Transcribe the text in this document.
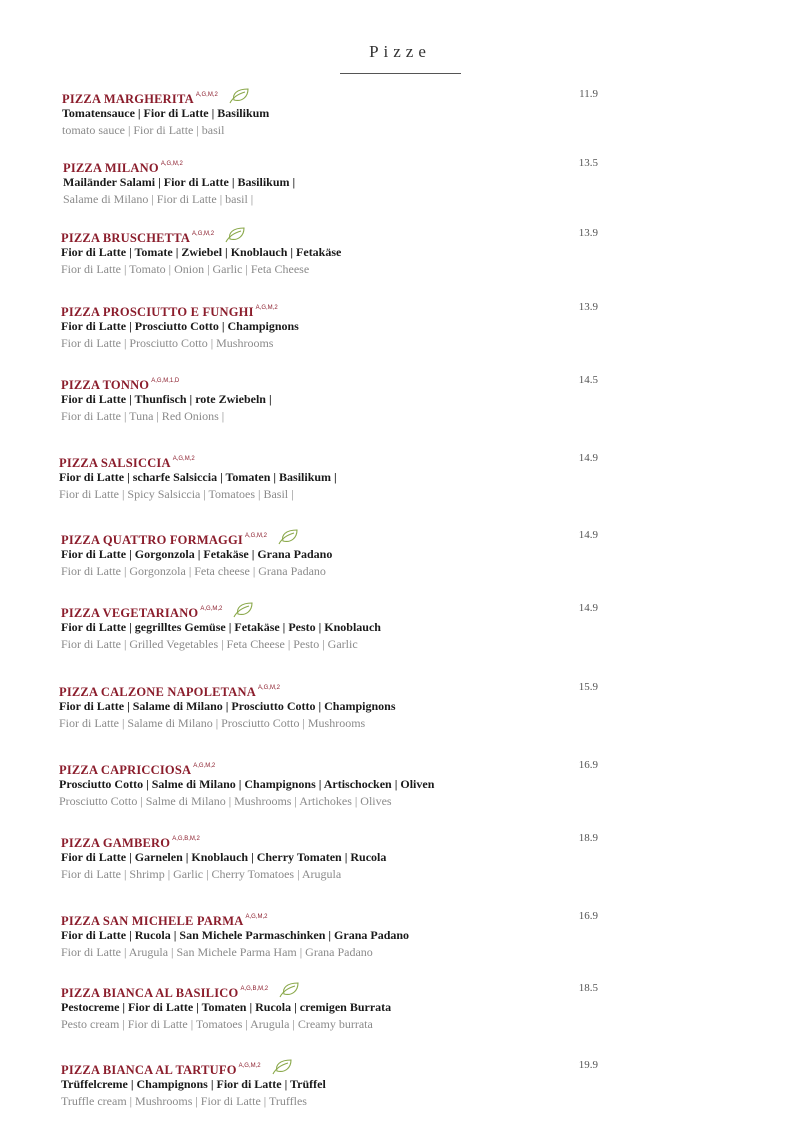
Pizze
PIZZA MARGHERITA $^{A,G,M,2}$
Tomatensauce | Fior di Latte | Basilikum
tomato sauce | Fior di Latte | basil
11.9
PIZZA MILANO $^{A,G,M,2}$
Mailänder Salami | Fior di Latte | Basilikum |
Salame di Milano | Fior di Latte | basil |
13.5
PIZZA BRUSCHETTA $^{A,G,M,2}$
Fior di Latte | Tomate | Zwiebel | Knoblauch | Fetakäse
Fior di Latte | Tomato | Onion | Garlic | Feta Cheese
13.9
PIZZA PROSCIUTTO E FUNGHI $^{A,G,M,2}$
Fior di Latte | Prosciutto Cotto | Champignons
Fior di Latte | Prosciutto Cotto | Mushrooms
13.9
PIZZA TONNO $^{A,G,M,1,D}$
Fior di Latte | Thunfisch | rote Zwiebeln |
Fior di Latte | Tuna | Red Onions |
14.5
PIZZA SALSICCIA $^{A,G,M,2}$
Fior di Latte | scharfe Salsiccia | Tomaten | Basilikum |
Fior di Latte | Spicy Salsiccia | Tomatoes | Basil |
14.9
PIZZA QUATTRO FORMAGGI $^{A,G,M,2}$
Fior di Latte | Gorgonzola | Fetakäse | Grana Padano
Fior di Latte | Gorgonzola | Feta cheese | Grana Padano
14.9
PIZZA VEGETARIANO $^{A,G,M,2}$
Fior di Latte | gegrilltes Gemüse | Fetakäse | Pesto | Knoblauch
Fior di Latte | Grilled Vegetables | Feta Cheese | Pesto | Garlic
14.9
PIZZA CALZONE NAPOLETANA $^{A,G,M,2}$
Fior di Latte | Salame di Milano | Prosciutto Cotto | Champignons
Fior di Latte | Salame di Milano | Prosciutto Cotto | Mushrooms
15.9
PIZZA CAPRICCIOSA $^{A,G,M,2}$
Prosciutto Cotto | Salme di Milano | Champignons | Artischocken | Oliven
Prosciutto Cotto | Salme di Milano | Mushrooms | Artichokes | Olives
16.9
PIZZA GAMBERO $^{A,G,B,M,2}$
Fior di Latte | Garnelen | Knoblauch | Cherry Tomaten | Rucola
Fior di Latte | Shrimp | Garlic | Cherry Tomatoes | Arugula
18.9
PIZZA SAN MICHELE PARMA $^{A,G,M,2}$
Fior di Latte | Rucola | San Michele Parmaschinken | Grana Padano
Fior di Latte | Arugula | San Michele Parma Ham | Grana Padano
16.9
PIZZA BIANCA AL BASILICO $^{A,G,B,M,2}$
Pestocreme | Fior di Latte | Tomaten | Rucola | cremigen Burrata
Pesto cream | Fior di Latte | Tomatoes | Arugula | Creamy burrata
18.5
PIZZA BIANCA AL TARTUFO $^{A,G,M,2}$
Trüffelcreme | Champignons | Fior di Latte | Trüffel
Truffle cream | Mushrooms | Fior di Latte | Truffles
19.9
